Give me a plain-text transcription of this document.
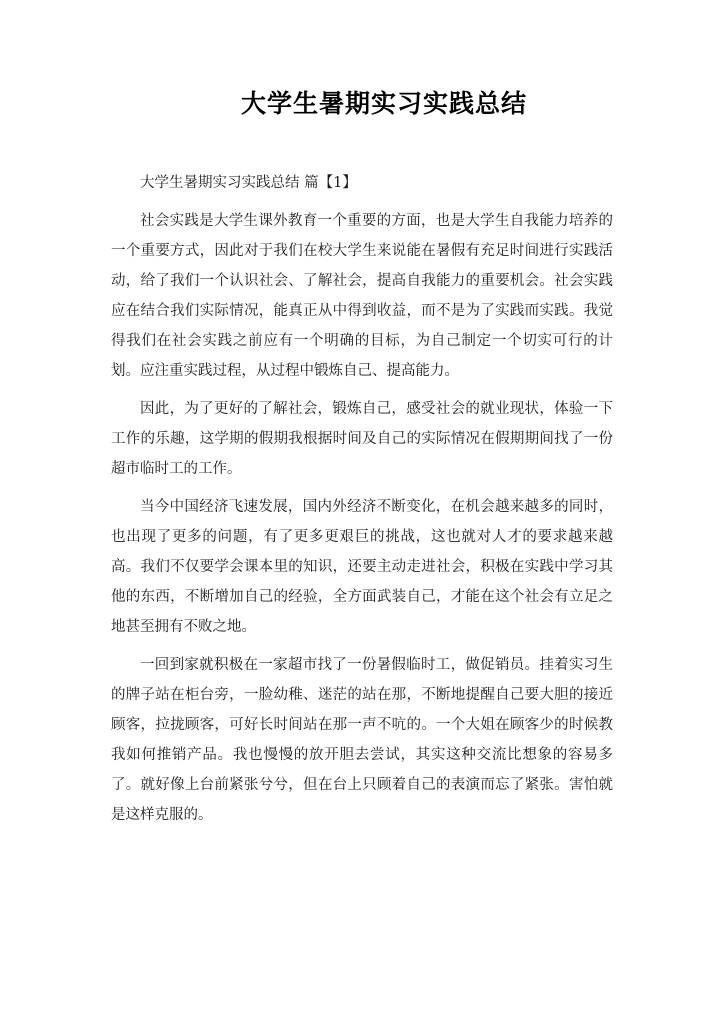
大学生暑期实习实践总结

大学生暑期实习实践总结 篇【1】

社会实践是大学生课外教育一个重要的方面，也是大学生自我能力培养的一个重要方式，因此对于我们在校大学生来说能在暑假有充足时间进行实践活动，给了我们一个认识社会、了解社会，提高自我能力的重要机会。社会实践应在结合我们实际情况，能真正从中得到收益，而不是为了实践而实践。我觉得我们在社会实践之前应有一个明确的目标，为自己制定一个切实可行的计划。应注重实践过程，从过程中锻炼自己、提高能力。

因此，为了更好的了解社会，锻炼自己，感受社会的就业现状，体验一下工作的乐趣，这学期的假期我根据时间及自己的实际情况在假期期间找了一份超市临时工的工作。

当今中国经济飞速发展，国内外经济不断变化，在机会越来越多的同时，也出现了更多的问题，有了更多更艰巨的挑战，这也就对人才的要求越来越高。我们不仅要学会课本里的知识，还要主动走进社会，积极在实践中学习其他的东西，不断增加自己的经验，全方面武装自己，才能在这个社会有立足之地甚至拥有不败之地。

一回到家就积极在一家超市找了一份暑假临时工，做促销员。挂着实习生的牌子站在柜台旁，一脸幼稚、迷茫的站在那，不断地提醒自己要大胆的接近顾客，拉拢顾客，可好长时间站在那一声不吭的。一个大姐在顾客少的时候教我如何推销产品。我也慢慢的放开胆去尝试，其实这种交流比想象的容易多了。就好像上台前紧张兮兮，但在台上只顾着自己的表演而忘了紧张。害怕就是这样克服的。
